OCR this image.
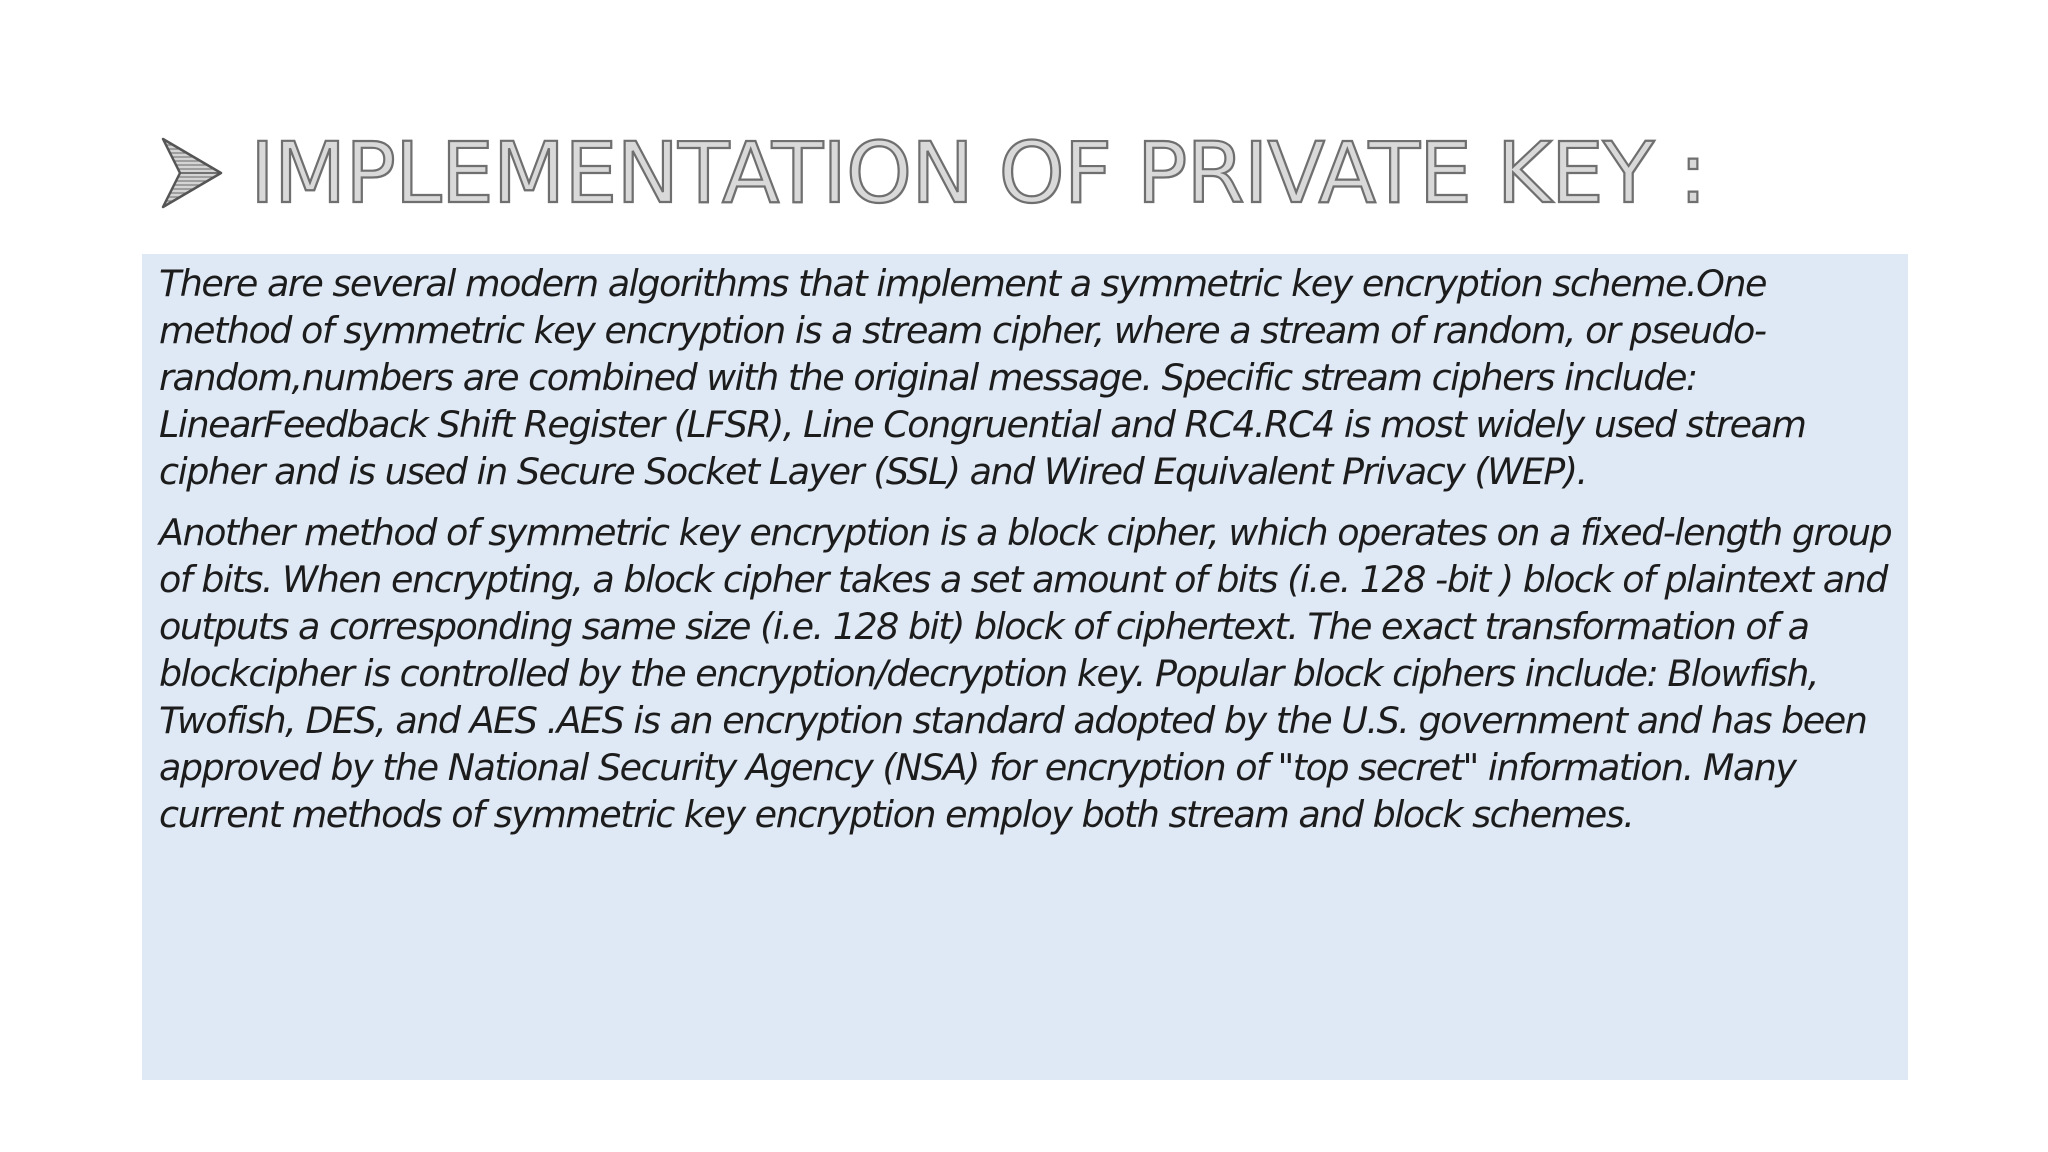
IMPLEMENTATION OF PRIVATE KEY :

There are several modern algorithms that implement a symmetric key encryption scheme.One method of symmetric key encryption is a stream cipher, where a stream of random, or pseudo-random,numbers are combined with the original message. Specific stream ciphers include: LinearFeedback Shift Register (LFSR), Line Congruential and RC4.RC4 is most widely used stream cipher and is used in Secure Socket Layer (SSL) and Wired Equivalent Privacy (WEP).

Another method of symmetric key encryption is a block cipher, which operates on a fixed-length group of bits. When encrypting, a block cipher takes a set amount of bits (i.e. 128 -bit ) block of plaintext and outputs a corresponding same size (i.e. 128 bit) block of ciphertext. The exact transformation of a blockcipher is controlled by the encryption/decryption key. Popular block ciphers include: Blowfish, Twofish, DES, and AES .AES is an encryption standard adopted by the U.S. government and has been approved by the National Security Agency (NSA) for encryption of "top secret" information. Many current methods of symmetric key encryption employ both stream and block schemes.
